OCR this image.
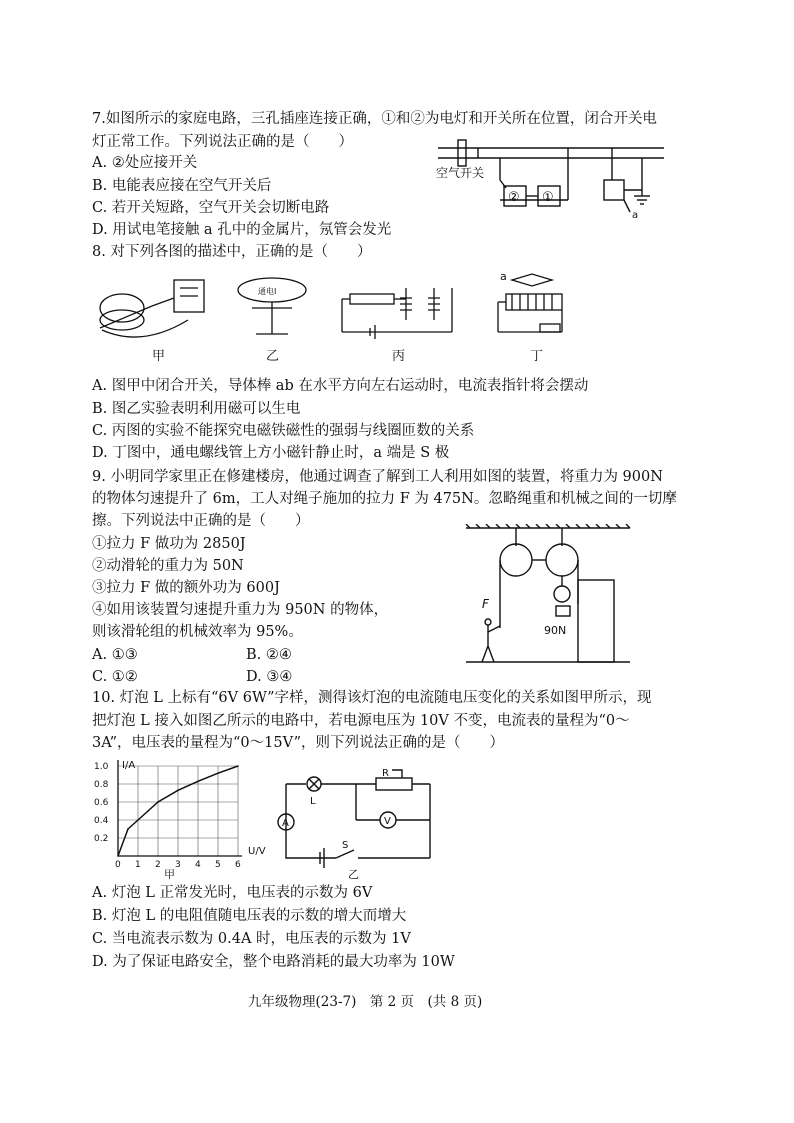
7.如图所示的家庭电路，三孔插座连接正确，①和②为电灯和开关所在位置，闭合开关电
灯正常工作。下列说法正确的是（　　）
A. ②处应接开关
B. 电能表应接在空气开关后
C. 若开关短路，空气开关会切断电路
D. 用试电笔接触 a 孔中的金属片，氖管会发光
空气开关
② ①
a
8. 对下列各图的描述中，正确的是（　　）
甲	乙	丙	丁
通电I
a
A. 图甲中闭合开关，导体棒 ab 在水平方向左右运动时，电流表指针将会摆动
B. 图乙实验表明利用磁可以生电
C. 丙图的实验不能探究电磁铁磁性的强弱与线圈匝数的关系
D. 丁图中，通电螺线管上方小磁针静止时，a 端是 S 极
9. 小明同学家里正在修建楼房，他通过调查了解到工人利用如图的装置，将重力为 900N
的物体匀速提升了 6m，工人对绳子施加的拉力 F 为 475N。忽略绳重和机械之间的一切摩
擦。下列说法中正确的是（　　）
①拉力 F 做功为 2850J
②动滑轮的重力为 50N
③拉力 F 做的额外功为 600J
④如用该装置匀速提升重力为 950N 的物体，
则该滑轮组的机械效率为 95%。
A. ①③	B. ②④
C. ①②	D. ③④
F
90N
10. 灯泡 L 上标有“6V 6W”字样，测得该灯泡的电流随电压变化的关系如图甲所示，现
把灯泡 L 接入如图乙所示的电路中，若电源电压为 10V 不变，电流表的量程为“0～
3A”，电压表的量程为“0～15V”，则下列说法正确的是（　　）
0 1 2 3 4 5 6
0.2
0.4
0.6
0.8
1.0 I/A
U/V
甲
L
R
A	V
S
乙
A. 灯泡 L 正常发光时，电压表的示数为 6V
B. 灯泡 L 的电阻值随电压表的示数的增大而增大
C. 当电流表示数为 0.4A 时，电压表的示数为 1V
D. 为了保证电路安全，整个电路消耗的最大功率为 10W
九年级物理(23-7)　第 2 页　(共 8 页)
